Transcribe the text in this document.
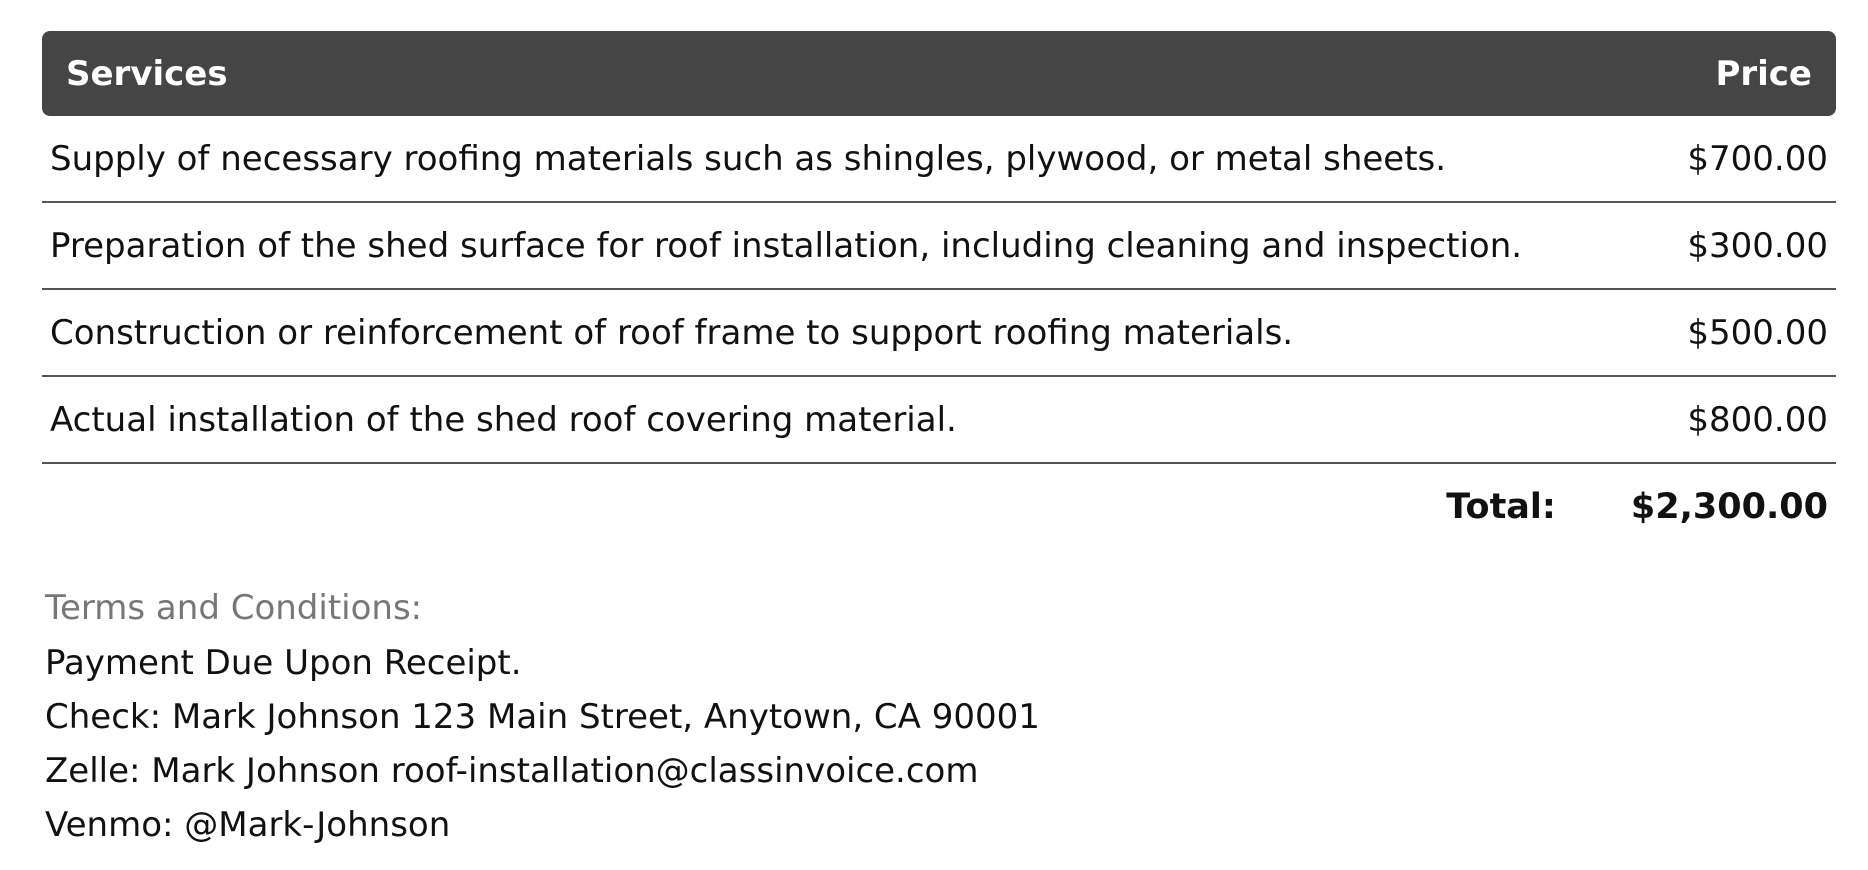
Services	Price
Supply of necessary roofing materials such as shingles, plywood, or metal sheets.	$700.00
Preparation of the shed surface for roof installation, including cleaning and inspection.	$300.00
Construction or reinforcement of roof frame to support roofing materials.	$500.00
Actual installation of the shed roof covering material.	$800.00
Total: $2,300.00
Terms and Conditions:
Payment Due Upon Receipt.
Check: Mark Johnson 123 Main Street, Anytown, CA 90001
Zelle: Mark Johnson roof-installation@classinvoice.com
Venmo: @Mark-Johnson
